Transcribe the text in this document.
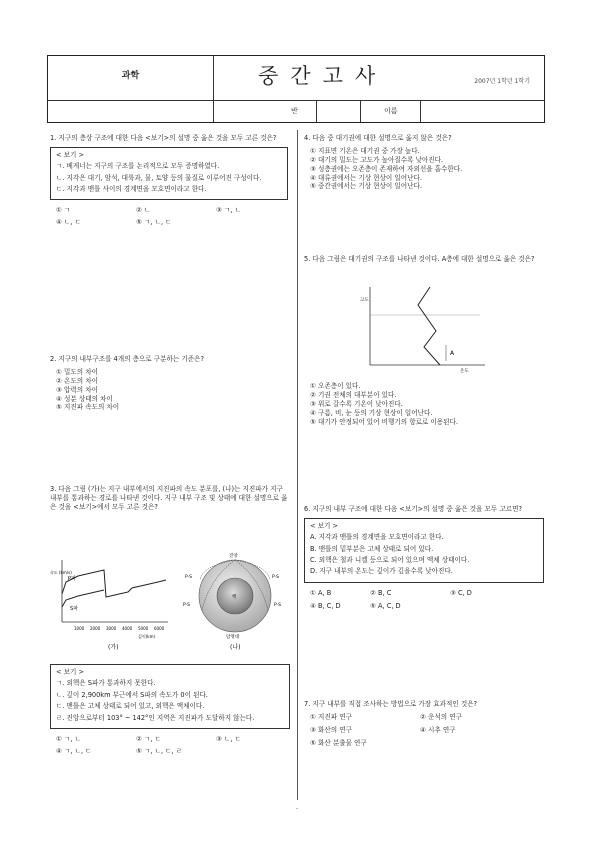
과학	중간고사	2007년 1학년 1학기
반	이름
1. 지구의 층상 구조에 대한 다음 <보기>의 설명 중 옳은 것을 모두 고른 것은?
< 보기 >
ㄱ. 베게너는 지구의 구조를 논리적으로 모두 증명하였다.
ㄴ. 지각은 대기, 암석, 대륙과, 물, 토양 등의 물질로 이루어진 구성이다.
ㄷ. 지각과 맨틀 사이의 경계면을 모호면이라고 한다.
① ㄱ	② ㄴ	③ ㄱ, ㄴ
④ ㄴ, ㄷ	⑤ ㄱ, ㄴ, ㄷ
2. 지구의 내부구조를 4개의 층으로 구분하는 기준은?
① 밀도의 차이
② 온도의 차이
③ 압력의 차이
④ 성분 상태의 차이
⑤ 지진파 속도의 차이
3. 다음 그림 (가)는 지구 내부에서의 지진파의 속도 분포를, (나)는 지진파가 지구 내부를 통과하는 경로를 나타낸 것이다. 지구 내부 구조 및 상태에 대한 설명으로 옳은 것을 <보기>에서 모두 고른 것은?
P파
S파
속도 (km/s)
1000 2000 3000 4000 5000 6000
깊이(km)
(가)
진앙
P·S
P·S
P·S
P·S
암영대
핵
(나)
< 보기 >
ㄱ. 외핵은 S파가 통과하지 못한다.
ㄴ. 깊이 2,900km 부근에서 S파의 속도가 0이 된다.
ㄷ. 맨틀은 고체 상태로 되어 있고, 외핵은 액체이다.
ㄹ. 진앙으로부터 103° ~ 142°인 지역은 지진파가 도달하지 않는다.
① ㄱ, ㄴ	② ㄱ, ㄷ	③ ㄴ, ㄷ
④ ㄱ, ㄴ, ㄷ	⑤ ㄱ, ㄴ, ㄷ, ㄹ
4. 다음 중 대기권에 대한 설명으로 옳지 않은 것은?
① 지표면 기온은 대기권 중 가장 높다.
② 대기의 밀도는 고도가 높아질수록 낮아진다.
③ 성층권에는 오존층이 존재하여 자외선을 흡수한다.
④ 대류권에서는 기상 현상이 일어난다.
⑤ 중간권에서는 기상 현상이 일어난다.
5. 다음 그림은 대기권의 구조를 나타낸 것이다. A층에 대한 설명으로 옳은 것은?
A
고도
온도
① 오존층이 있다.
② 기권 전체의 대부분이 있다.
③ 위로 갈수록 기온이 낮아진다.
④ 구름, 비, 눈 등의 기상 현상이 일어난다.
⑤ 대기가 안정되어 있어 비행기의 항로로 이용된다.
6. 지구의 내부 구조에 대한 다음 <보기>의 설명 중 옳은 것을 모두 고르면?
< 보기 >
A. 지각과 맨틀의 경계면을 모호면이라고 한다.
B. 맨틀의 밑부분은 고체 상태로 되어 있다.
C. 외핵은 철과 니켈 등으로 되어 있으며 액체 상태이다.
D. 지구 내부의 온도는 깊이가 깊을수록 낮아진다.
① A, B	② B, C	③ C, D
④ B, C, D	⑤ A, C, D
7. 지구 내부를 직접 조사하는 방법으로 가장 효과적인 것은?
① 지진파 연구	② 운석의 연구
③ 화산의 연구	④ 시추 연구
⑤ 화산 분출물 연구
-
